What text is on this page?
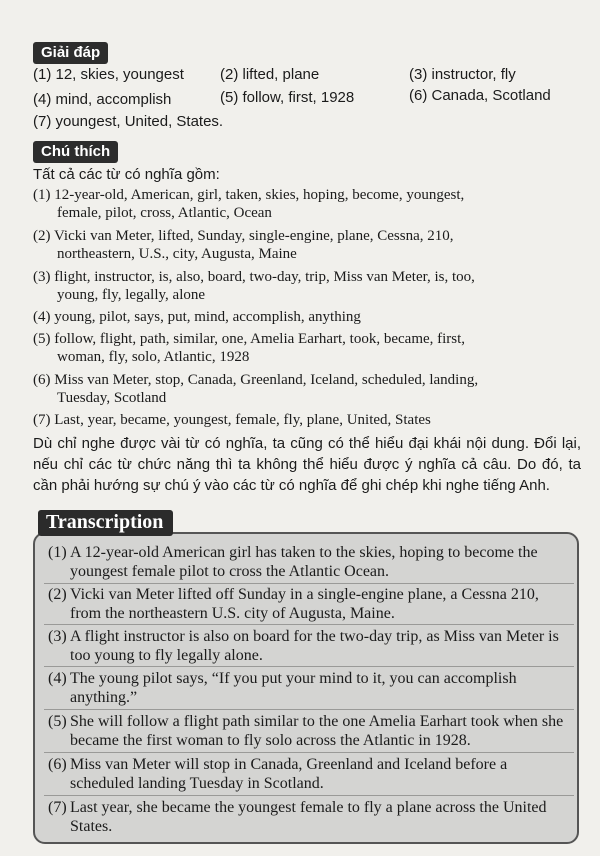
Giải đáp
(1) 12, skies, youngest (2) lifted, plane	(3) instructor, fly
(4) mind, accomplish	(5) follow, first, 1928	(6) Canada, Scotland
(7) youngest, United, States.
Chú thích
Tất cả các từ có nghĩa gồm:
(1) 12-year-old, American, girl, taken, skies, hoping, become, youngest,
female, pilot, cross, Atlantic, Ocean
(2) Vicki van Meter, lifted, Sunday, single-engine, plane, Cessna, 210,
northeastern, U.S., city, Augusta, Maine
(3) flight, instructor, is, also, board, two-day, trip, Miss van Meter, is, too,
young, fly, legally, alone
(4) young, pilot, says, put, mind, accomplish, anything
(5) follow, flight, path, similar, one, Amelia Earhart, took, became, first,
woman, fly, solo, Atlantic, 1928
(6) Miss van Meter, stop, Canada, Greenland, Iceland, scheduled, landing,
Tuesday, Scotland
(7) Last, year, became, youngest, female, fly, plane, United, States
Dù chỉ nghe được vài từ có nghĩa, ta cũng có thể hiểu đại khái nội dung. Đổi lại, nếu chỉ các từ chức năng thì ta không thể hiểu được ý nghĩa cả câu. Do đó, ta cần phải hướng sự chú ý vào các từ có nghĩa để ghi chép khi nghe tiếng Anh.
Transcription
(1) A 12-year-old American girl has taken to the skies, hoping to become the youngest female pilot to cross the Atlantic Ocean.
(2) Vicki van Meter lifted off Sunday in a single-engine plane, a Cessna 210, from the northeastern U.S. city of Augusta, Maine.
(3) A flight instructor is also on board for the two-day trip, as Miss van Meter is too young to fly legally alone.
(4) The young pilot says, “If you put your mind to it, you can accomplish anything.”
(5) She will follow a flight path similar to the one Amelia Earhart took when she became the first woman to fly solo across the Atlantic in 1928.
(6) Miss van Meter will stop in Canada, Greenland and Iceland before a scheduled landing Tuesday in Scotland.
(7) Last year, she became the youngest female to fly a plane across the United States.
